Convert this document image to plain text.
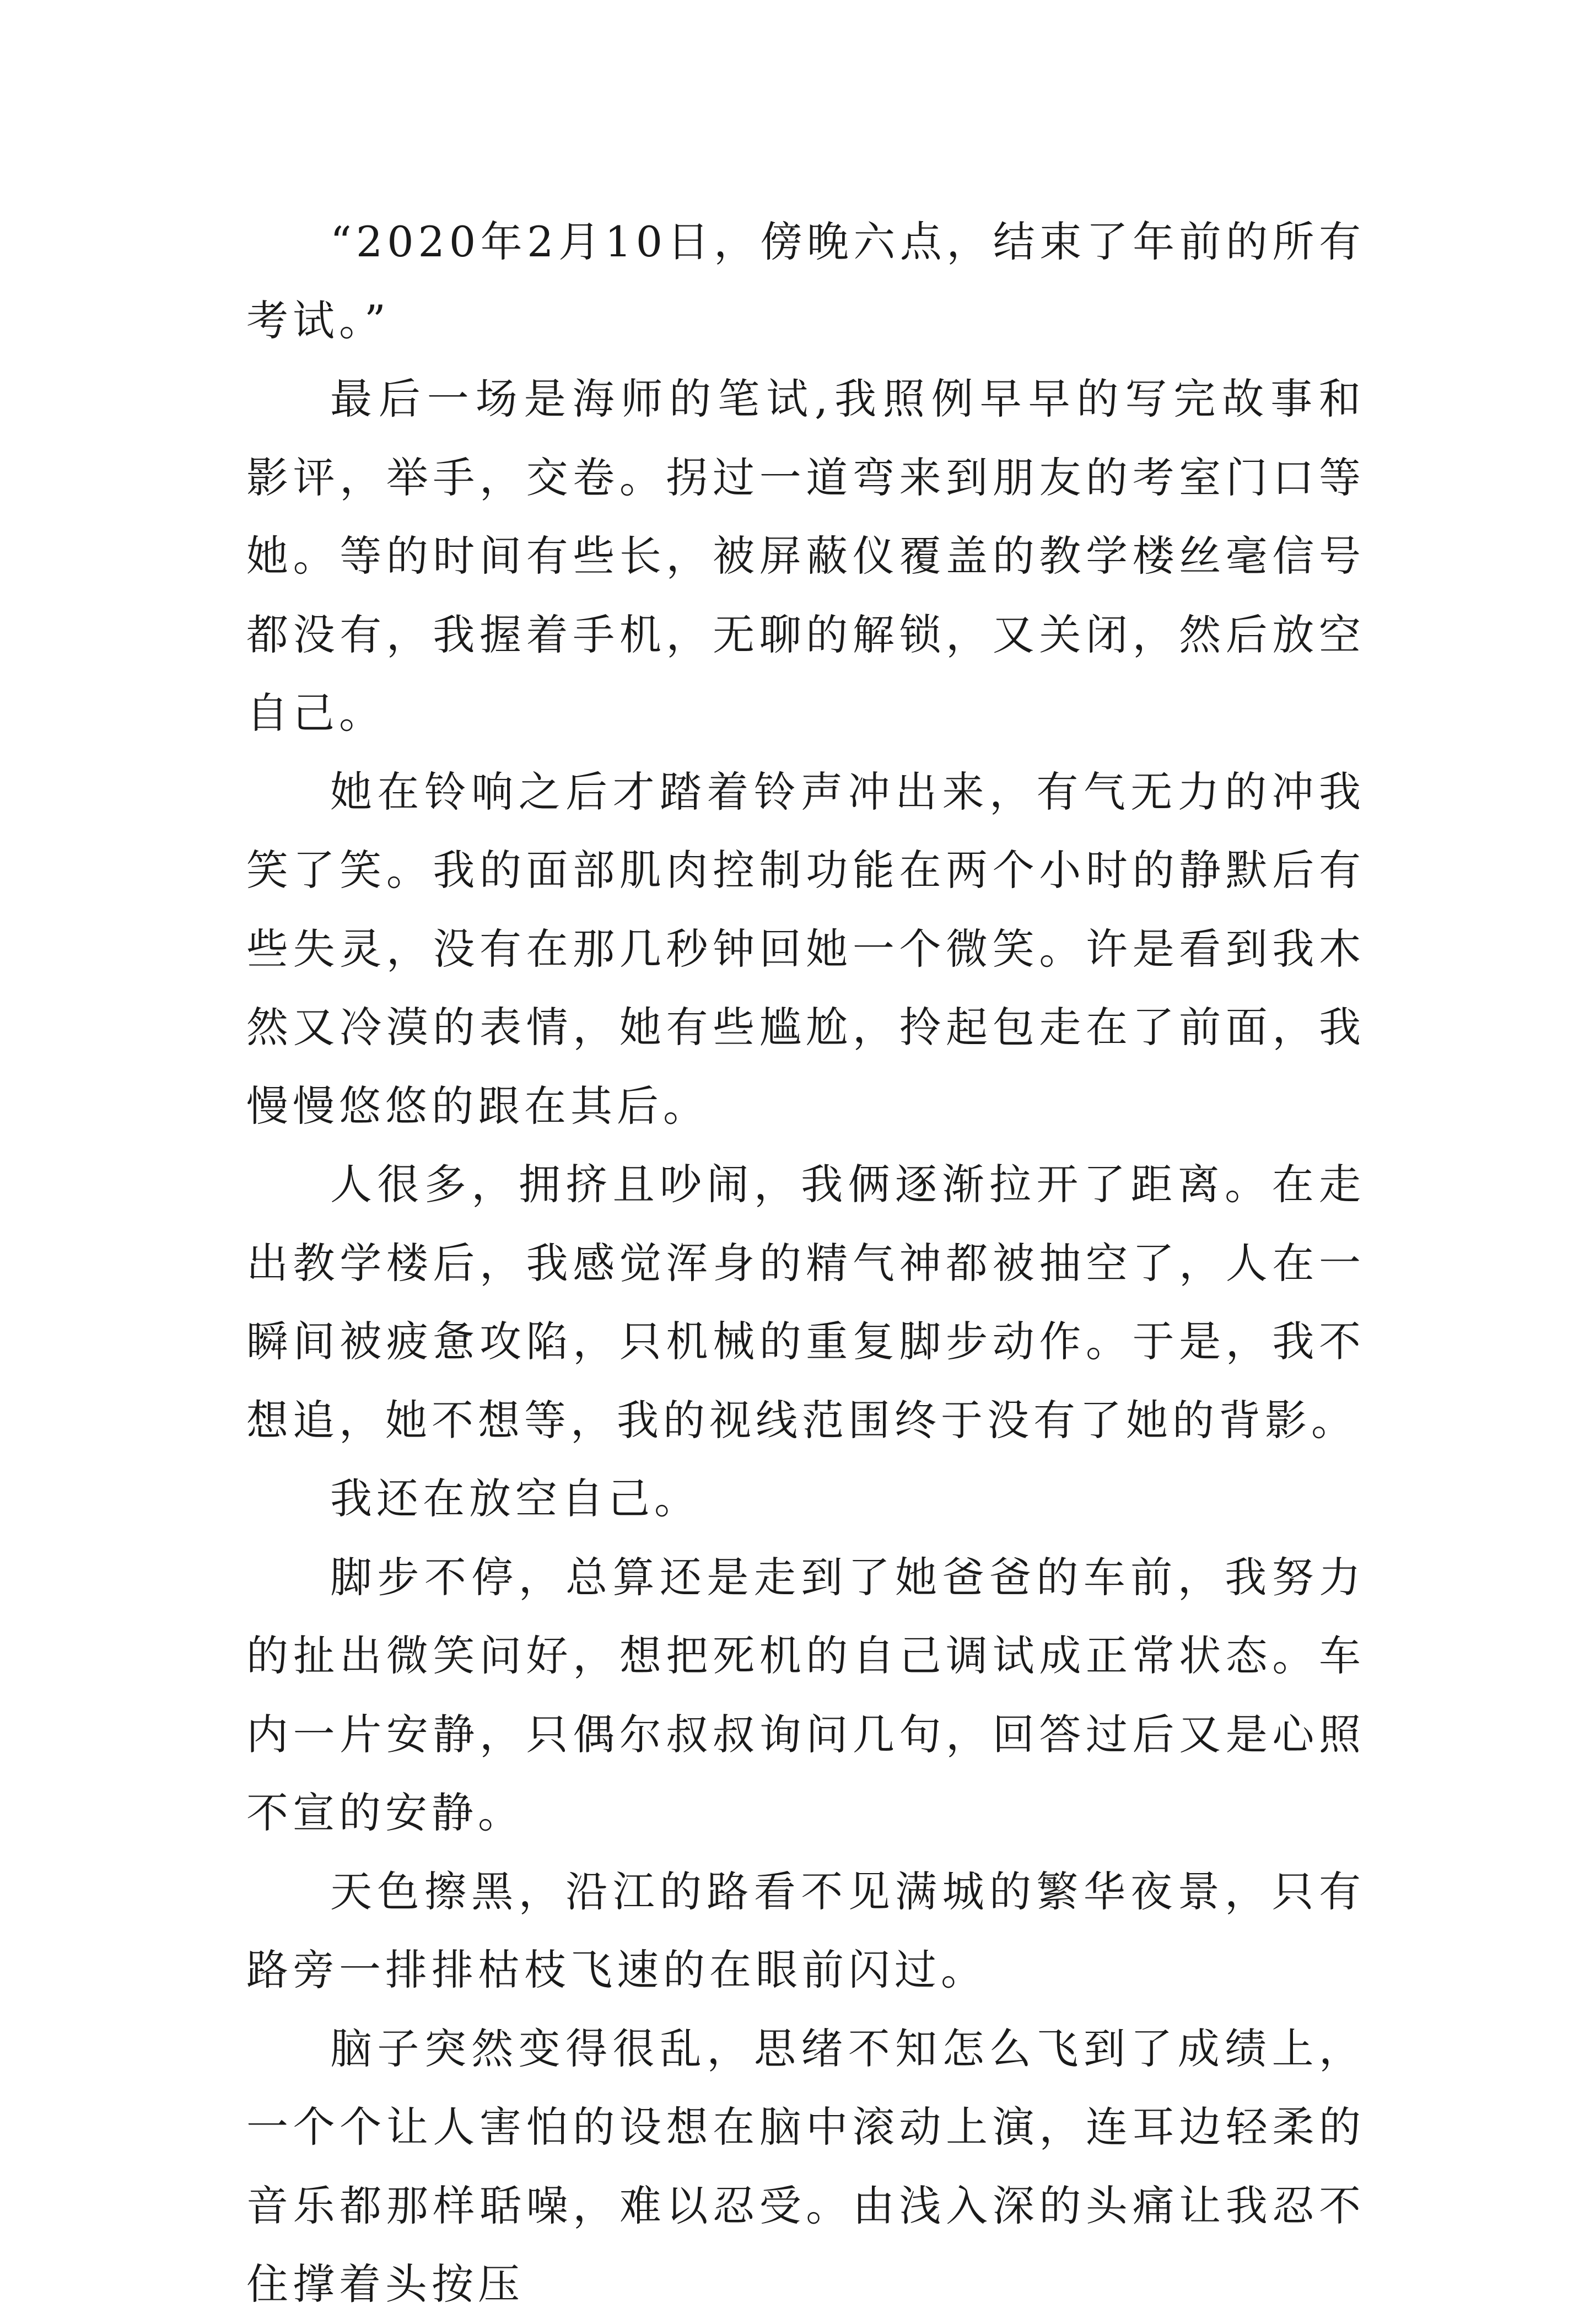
“2020年2月10日，傍晚六点，结束了年前的所有考试。”

最后一场是海师的笔试,我照例早早的写完故事和影评，举手，交卷。拐过一道弯来到朋友的考室门口等她。等的时间有些长，被屏蔽仪覆盖的教学楼丝毫信号都没有，我握着手机，无聊的解锁，又关闭，然后放空自己。

她在铃响之后才踏着铃声冲出来，有气无力的冲我笑了笑。我的面部肌肉控制功能在两个小时的静默后有些失灵，没有在那几秒钟回她一个微笑。许是看到我木然又冷漠的表情，她有些尴尬，拎起包走在了前面，我慢慢悠悠的跟在其后。

人很多，拥挤且吵闹，我俩逐渐拉开了距离。在走出教学楼后，我感觉浑身的精气神都被抽空了，人在一瞬间被疲惫攻陷，只机械的重复脚步动作。于是，我不想追，她不想等，我的视线范围终于没有了她的背影。

我还在放空自己。

脚步不停，总算还是走到了她爸爸的车前，我努力的扯出微笑问好，想把死机的自己调试成正常状态。车内一片安静，只偶尔叔叔询问几句，回答过后又是心照不宣的安静。

天色擦黑，沿江的路看不见满城的繁华夜景，只有路旁一排排枯枝飞速的在眼前闪过。

脑子突然变得很乱，思绪不知怎么飞到了成绩上，一个个让人害怕的设想在脑中滚动上演，连耳边轻柔的音乐都那样聒噪，难以忍受。由浅入深的头痛让我忍不住撑着头按压
